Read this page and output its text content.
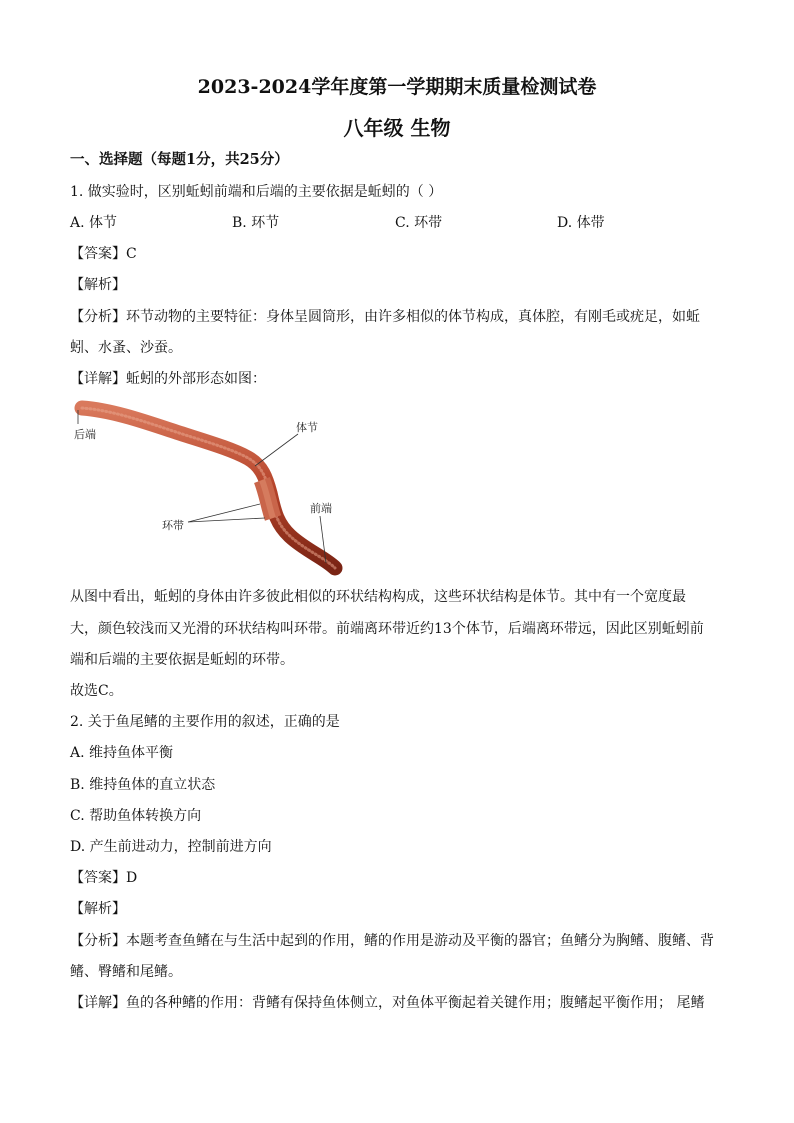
2023-2024学年度第一学期期末质量检测试卷
八年级 生物
一、选择题（每题1分，共25分）
1. 做实验时，区别蚯蚓前端和后端的主要依据是蚯蚓的（ ）
A. 体节	B. 环节	C. 环带	D. 体带
【答案】C
【解析】
【分析】环节动物的主要特征：身体呈圆筒形，由许多相似的体节构成，真体腔，有刚毛或疣足，如蚯
蚓、水蚤、沙蚕。
【详解】蚯蚓的外部形态如图：
后端
体节
前端
环带
从图中看出，蚯蚓的身体由许多彼此相似的环状结构构成，这些环状结构是体节。其中有一个宽度最
大，颜色较浅而又光滑的环状结构叫环带。前端离环带近约13个体节，后端离环带远，因此区别蚯蚓前
端和后端的主要依据是蚯蚓的环带。
故选C。
2. 关于鱼尾鳍的主要作用的叙述，正确的是
A. 维持鱼体平衡
B. 维持鱼体的直立状态
C. 帮助鱼体转换方向
D. 产生前进动力，控制前进方向
【答案】D
【解析】
【分析】本题考查鱼鳍在与生活中起到的作用，鳍的作用是游动及平衡的器官；鱼鳍分为胸鳍、腹鳍、背
鳍、臀鳍和尾鳍。
【详解】鱼的各种鳍的作用：背鳍有保持鱼体侧立，对鱼体平衡起着关键作用；腹鳍起平衡作用； 尾鳍
